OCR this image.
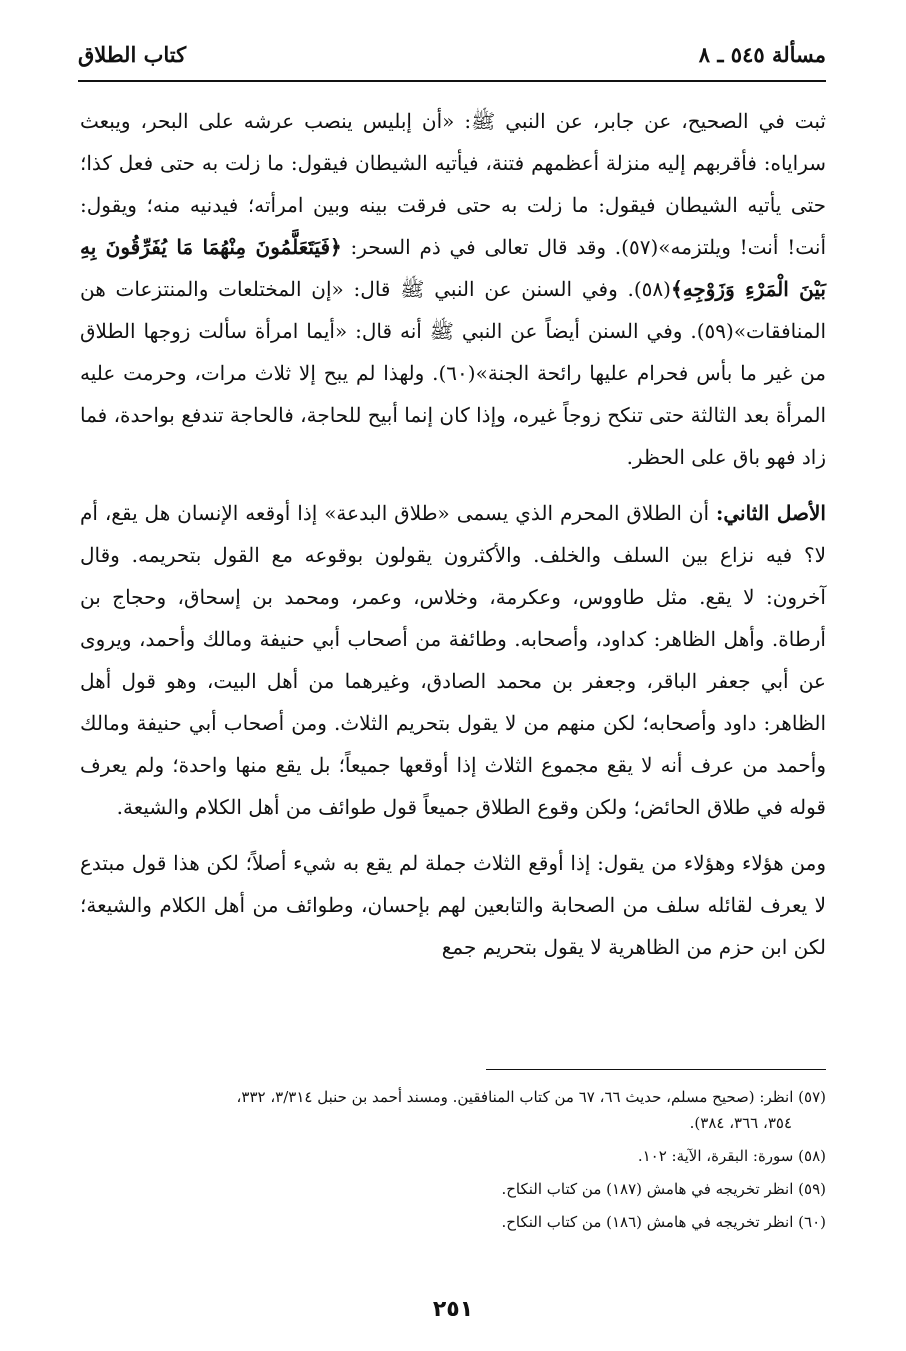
مسألة ٥٤٥ ـ ٨
كتاب الطلاق

ثبت في الصحيح، عن جابر، عن النبي ﷺ: «أن إبليس ينصب عرشه على البحر، ويبعث سراياه: فأقربهم إليه منزلة أعظمهم فتنة، فيأتيه الشيطان فيقول: ما زلت به حتى فعل كذا؛ حتى يأتيه الشيطان فيقول: ما زلت به حتى فرقت بينه وبين امرأته؛ فيدنيه منه؛ ويقول: أنت! أنت! ويلتزمه»(٥٧). وقد قال تعالى في ذم السحر: ﴿فَيَتَعَلَّمُونَ مِنْهُمَا مَا يُفَرِّقُونَ بِهِ بَيْنَ الْمَرْءِ وَزَوْجِهِ﴾(٥٨). وفي السنن عن النبي ﷺ قال: «إن المختلعات والمنتزعات هن المنافقات»(٥٩). وفي السنن أيضاً عن النبي ﷺ أنه قال: «أيما امرأة سألت زوجها الطلاق من غير ما بأس فحرام عليها رائحة الجنة»(٦٠). ولهذا لم يبح إلا ثلاث مرات، وحرمت عليه المرأة بعد الثالثة حتى تنكح زوجاً غيره، وإذا كان إنما أبيح للحاجة، فالحاجة تندفع بواحدة، فما زاد فهو باق على الحظر.

الأصل الثاني: أن الطلاق المحرم الذي يسمى «طلاق البدعة» إذا أوقعه الإنسان هل يقع، أم لا؟ فيه نزاع بين السلف والخلف. والأكثرون يقولون بوقوعه مع القول بتحريمه. وقال آخرون: لا يقع. مثل طاووس، وعكرمة، وخلاس، وعمر، ومحمد بن إسحاق، وحجاج بن أرطاة. وأهل الظاهر: كداود، وأصحابه. وطائفة من أصحاب أبي حنيفة ومالك وأحمد، ويروى عن أبي جعفر الباقر، وجعفر بن محمد الصادق، وغيرهما من أهل البيت، وهو قول أهل الظاهر: داود وأصحابه؛ لكن منهم من لا يقول بتحريم الثلاث. ومن أصحاب أبي حنيفة ومالك وأحمد من عرف أنه لا يقع مجموع الثلاث إذا أوقعها جميعاً؛ بل يقع منها واحدة؛ ولم يعرف قوله في طلاق الحائض؛ ولكن وقوع الطلاق جميعاً قول طوائف من أهل الكلام والشيعة.

ومن هؤلاء وهؤلاء من يقول: إذا أوقع الثلاث جملة لم يقع به شيء أصلاً؛ لكن هذا قول مبتدع لا يعرف لقائله سلف من الصحابة والتابعين لهم بإحسان، وطوائف من أهل الكلام والشيعة؛ لكن ابن حزم من الظاهرية لا يقول بتحريم جمع

(٥٧) انظر: (صحيح مسلم، حديث ٦٦، ٦٧ من كتاب المنافقين. ومسند أحمد بن حنبل ٣/٣١٤، ٣٣٢،
٣٥٤، ٣٦٦، ٣٨٤).

(٥٨) سورة: البقرة، الآية: ١٠٢.

(٥٩) انظر تخريجه في هامش (١٨٧) من كتاب النكاح.

(٦٠) انظر تخريجه في هامش (١٨٦) من كتاب النكاح.

٢٥١
